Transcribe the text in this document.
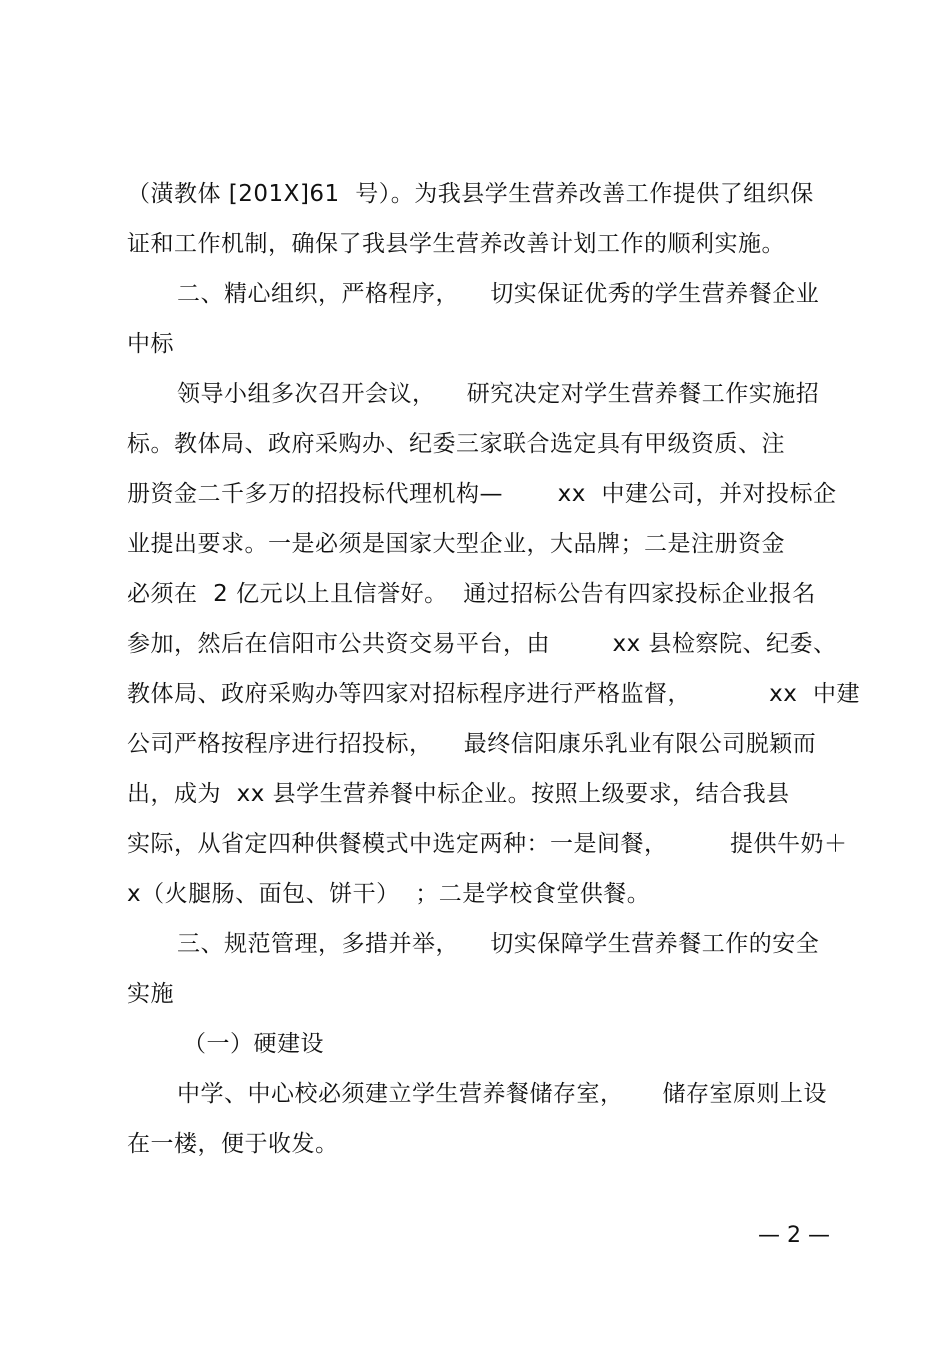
（潢教体 [201X]61  号）。为我县学生营养改善工作提供了组织保
证和工作机制，确保了我县学生营养改善计划工作的顺利实施。
二、精心组织，严格程序，    切实保证优秀的学生营养餐企业
中标
领导小组多次召开会议，    研究决定对学生营养餐工作实施招
标。教体局、政府采购办、纪委三家联合选定具有甲级资质、注
册资金二千多万的招投标代理机构—       xx  中建公司，并对投标企
业提出要求。一是必须是国家大型企业，大品牌；二是注册资金
必须在  2 亿元以上且信誉好。  通过招标公告有四家投标企业报名
参加，然后在信阳市公共资交易平台，由        xx 县检察院、纪委、
教体局、政府采购办等四家对招标程序进行严格监督，          xx  中建
公司严格按程序进行招投标，    最终信阳康乐乳业有限公司脱颖而
出，成为  xx 县学生营养餐中标企业。按照上级要求，结合我县
实际，从省定四种供餐模式中选定两种：一是间餐，        提供牛奶＋
x（火腿肠、面包、饼干）  ；二是学校食堂供餐。
三、规范管理，多措并举，    切实保障学生营养餐工作的安全
实施
（一）硬建设
中学、中心校必须建立学生营养餐储存室，     储存室原则上设
在一楼，便于收发。
— 2 —
